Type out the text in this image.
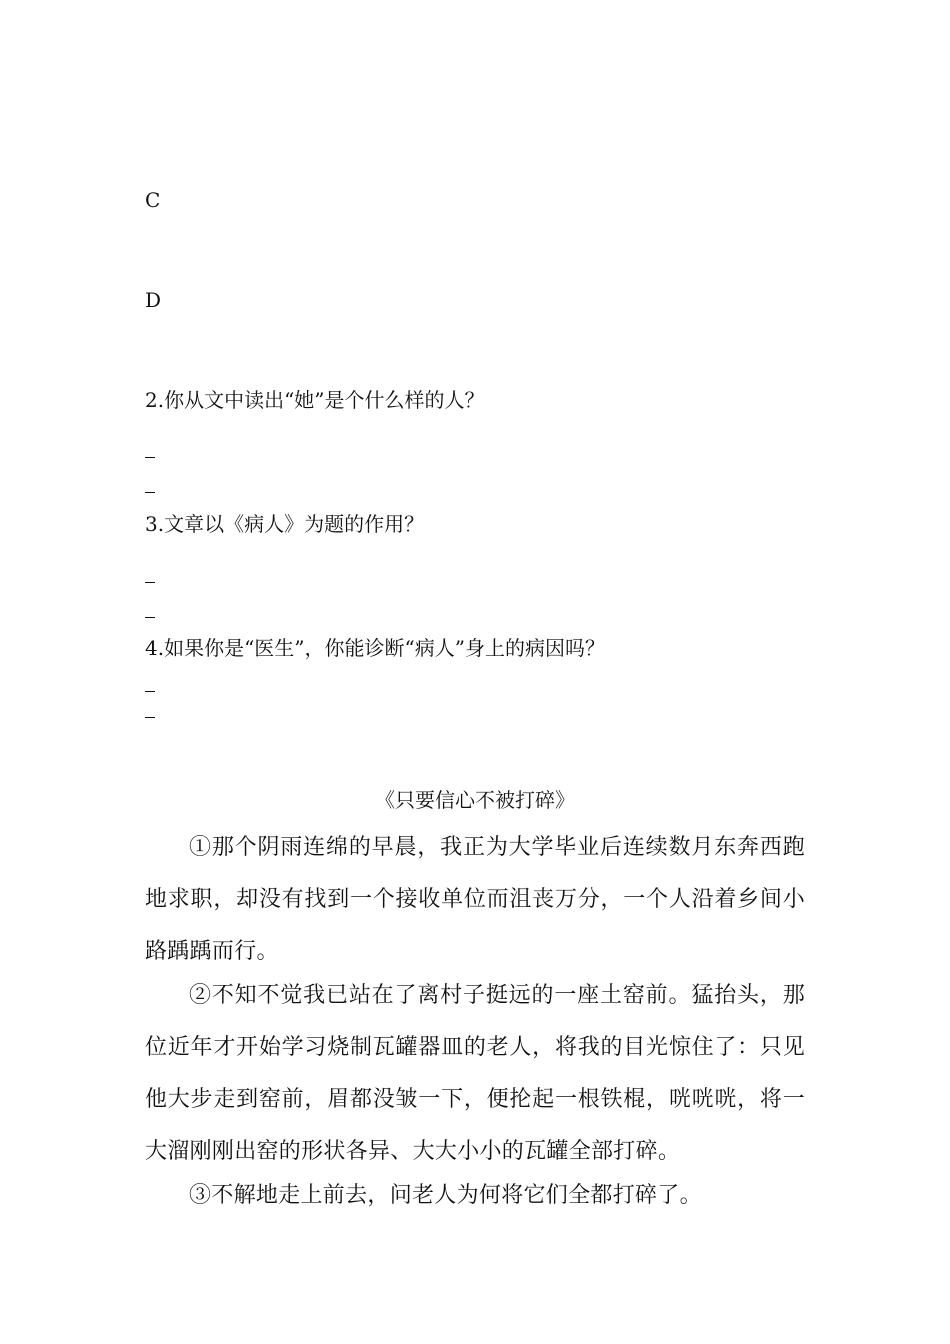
C

D

2.你从文中读出“她”是个什么样的人？

3.文章以《病人》为题的作用？

4.如果你是“医生”，你能诊断“病人”身上的病因吗？

《只要信心不被打碎》

①那个阴雨连绵的早晨，我正为大学毕业后连续数月东奔西跑地求职，却没有找到一个接收单位而沮丧万分，一个人沿着乡间小路踽踽而行。

②不知不觉我已站在了离村子挺远的一座土窑前。猛抬头，那位近年才开始学习烧制瓦罐器皿的老人，将我的目光惊住了：只见他大步走到窑前，眉都没皱一下，便抡起一根铁棍，咣咣咣，将一大溜刚刚出窑的形状各异、大大小小的瓦罐全部打碎。

③不解地走上前去，问老人为何将它们全都打碎了。
